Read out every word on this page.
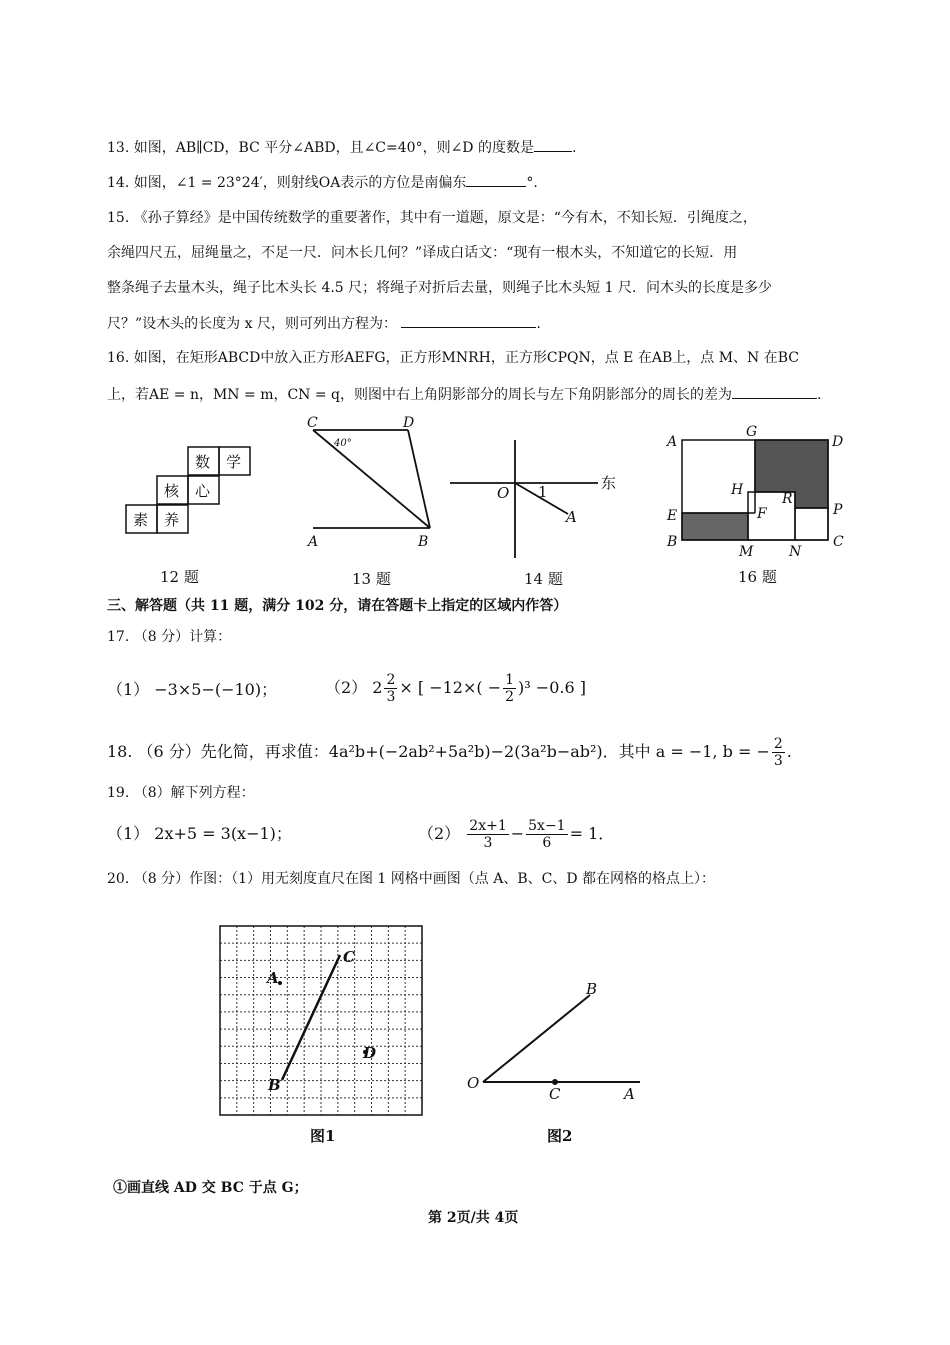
13. 如图，AB∥CD，BC 平分∠ABD，且∠C=40°，则∠D 的度数是	.
14. 如图，∠1 = 23°24′，则射线OA表示的方位是南偏东	°.
15. 《孙子算经》是中国传统数学的重要著作，其中有一道题，原文是：“今有木，不知长短．引绳度之，
余绳四尺五，屈绳量之，不足一尺．问木长几何？”译成白话文：“现有一根木头，不知道它的长短．用
整条绳子去量木头，绳子比木头长 4.5 尺；将绳子对折后去量，则绳子比木头短 1 尺．问木头的长度是多少
尺？”设木头的长度为 x 尺，则可列出方程为：	.
16. 如图，在矩形ABCD中放入正方形AEFG，正方形MNRH，正方形CPQN，点 E 在AB上，点 M、N 在BC
上，若AE = n，MN = m，CN = q，则图中右上角阴影部分的周长与左下角阴影部分的周长的差为	.
数 学
核 心
素 养
C	D
A	B
40°
O 1
A
东
A
G
D
H
R
E	F	P
B
M	N
C
A
C
D
B
B
O
C	A
12 题	13 题	14 题	16 题
三、解答题（共 11 题，满分 102 分，请在答题卡上指定的区域内作答）
17. （8 分）计算：
（1） −3×5−(−10)；	（2） $2 \frac{2}{3}$ × [ $-12\times( - \frac{1}{2} )^3 -0.6$ ]
18. （6 分）先化简，再求值：4a²b+(−2ab²+5a²b)−2(3a²b−ab²)．其中 a = −1, b = − $\frac{2}{3}$ .
19. （8）解下列方程：
（1） 2x+5 = 3(x−1)；	$(2) \frac{2x+1}{3} - \frac{5x-1}{6} = 1$．
20. （8 分）作图：（1）用无刻度直尺在图 1 网格中画图（点 A、B、C、D 都在网格的格点上）：
图1	图2
①画直线 AD 交 BC 于点 G；
第 2页/共 4页
